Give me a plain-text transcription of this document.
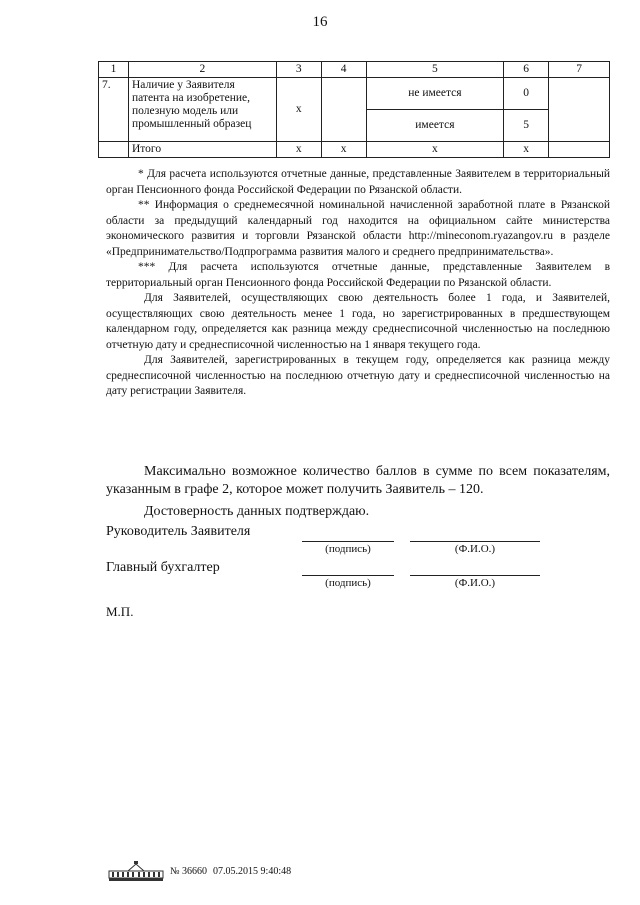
16
1	2	3	4	5	6	7
7.	Наличие у Заявителя патента на изобретение, полезную модель или промышленный образец	х		не имеется	0	
				имеется	5	
	Итого	х	х	х	х	

* Для расчета используются отчетные данные, представленные Заявителем в территориальный орган Пенсионного фонда Российской Федерации по Рязанской области.

** Информация о среднемесячной номинальной начисленной заработной плате в Рязанской области за предыдущий календарный год находится на официальном сайте министерства экономического развития и торговли Рязанской области http://mineconom.ryazangov.ru в разделе «Предпринимательство/Подпрограмма развития малого и среднего предпринимательства».

*** Для расчета используются отчетные данные, представленные Заявителем в территориальный орган Пенсионного фонда Российской Федерации по Рязанской области.

Для Заявителей, осуществляющих свою деятельность более 1 года, и Заявителей, осуществляющих свою деятельность менее 1 года, но зарегистрированных в предшествующем календарном году, определяется как разница между среднесписочной численностью на последнюю отчетную дату и среднесписочной численностью на 1 января текущего года.

Для Заявителей, зарегистрированных в текущем году, определяется как разница между среднесписочной численностью на последнюю отчетную дату и среднесписочной численностью на дату регистрации Заявителя.

Максимально возможное количество баллов в сумме по всем показателям, указанным в графе 2, которое может получить Заявитель – 120.

Достоверность данных подтверждаю.

Руководитель Заявителя
(подпись)	(Ф.И.О.)
Главный бухгалтер
(подпись)	(Ф.И.О.)
М.П.
№ 36660 07.05.2015 9:40:48
